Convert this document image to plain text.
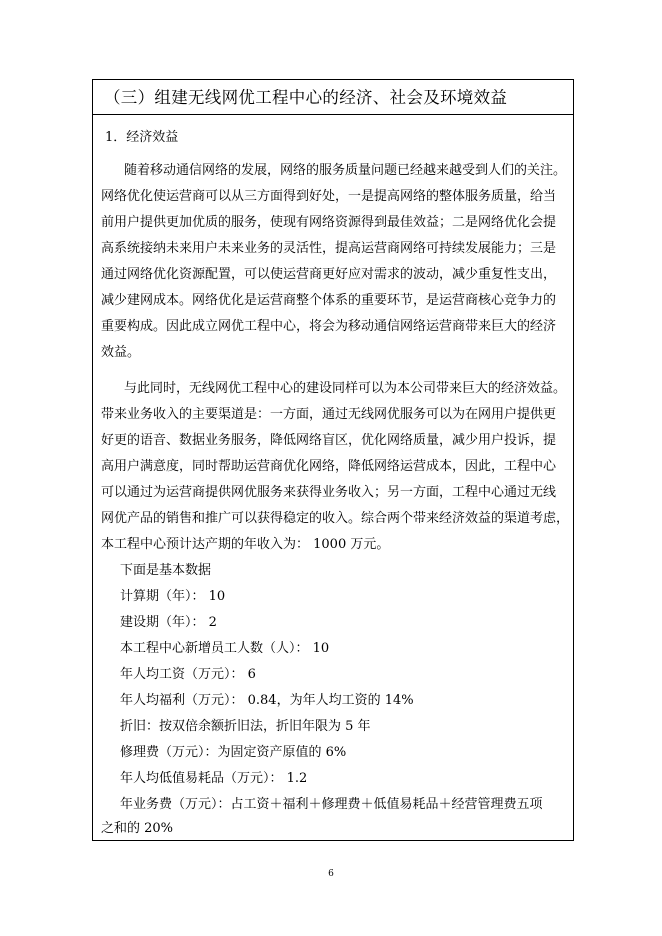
（三）组建无线网优工程中心的经济、社会及环境效益
1．经济效益
随着移动通信网络的发展，网络的服务质量问题已经越来越受到人们的关注。
网络优化使运营商可以从三方面得到好处，一是提高网络的整体服务质量，给当
前用户提供更加优质的服务，使现有网络资源得到最佳效益；二是网络优化会提
高系统接纳未来用户未来业务的灵活性，提高运营商网络可持续发展能力；三是
通过网络优化资源配置，可以使运营商更好应对需求的波动，减少重复性支出，
减少建网成本。网络优化是运营商整个体系的重要环节，是运营商核心竞争力的
重要构成。因此成立网优工程中心，将会为移动通信网络运营商带来巨大的经济
效益。
与此同时，无线网优工程中心的建设同样可以为本公司带来巨大的经济效益。
带来业务收入的主要渠道是：一方面，通过无线网优服务可以为在网用户提供更
好更的语音、数据业务服务，降低网络盲区，优化网络质量，减少用户投诉，提
高用户满意度，同时帮助运营商优化网络，降低网络运营成本，因此，工程中心
可以通过为运营商提供网优服务来获得业务收入；另一方面，工程中心通过无线
网优产品的销售和推广可以获得稳定的收入。综合两个带来经济效益的渠道考虑，
本工程中心预计达产期的年收入为： 1000 万元。
下面是基本数据
计算期（年）： 10
建设期（年）： 2
本工程中心新增员工人数（人）： 10
年人均工资（万元）： 6
年人均福利（万元）： 0.84，为年人均工资的 14%
折旧：按双倍余额折旧法，折旧年限为 5 年
修理费（万元）：为固定资产原值的 6%
年人均低值易耗品（万元）： 1.2
年业务费（万元）：占工资＋福利＋修理费＋低值易耗品＋经营管理费五项
之和的 20%
6
